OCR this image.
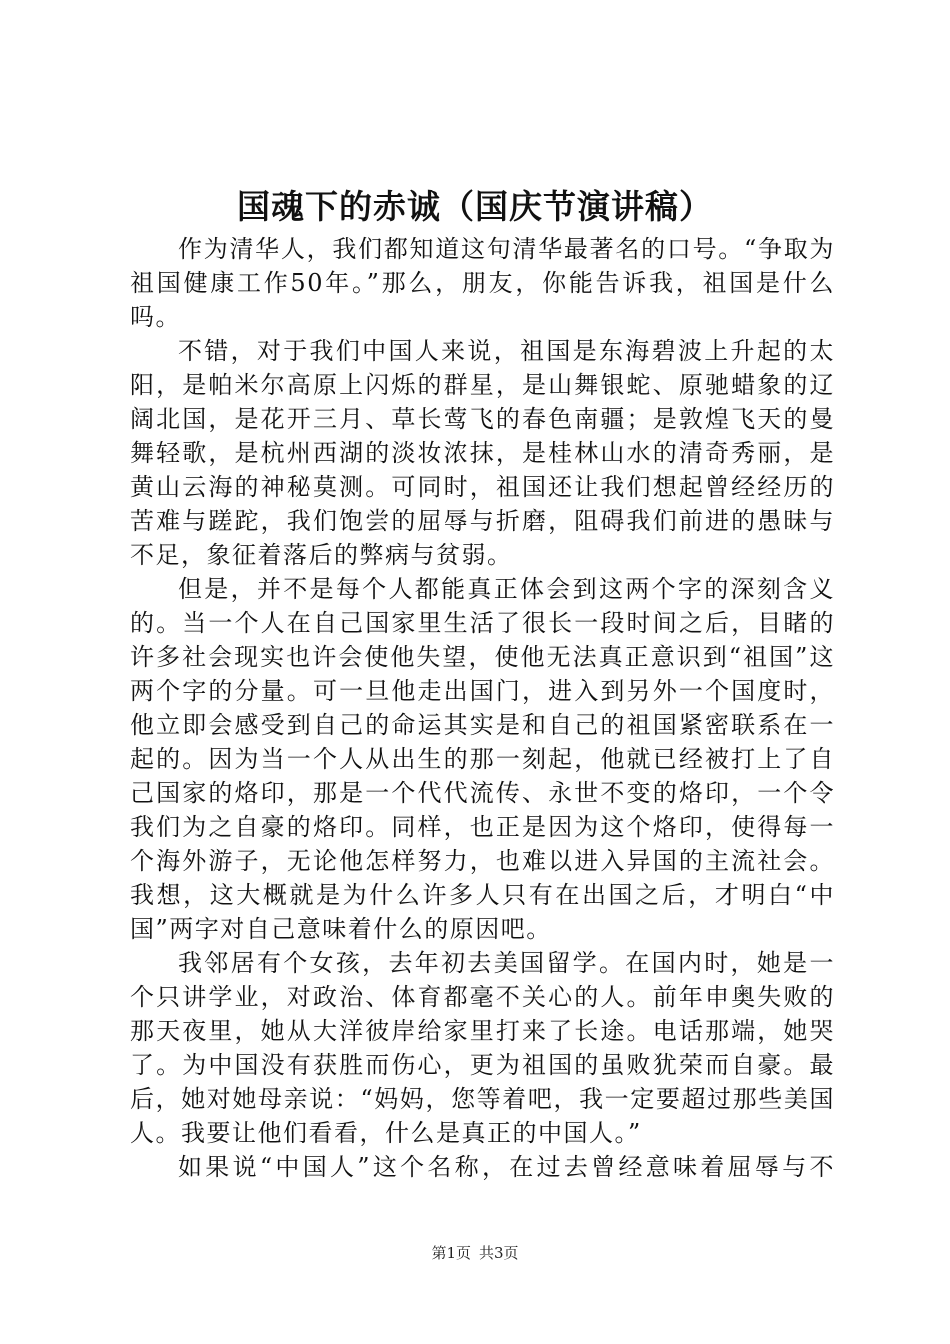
国魂下的赤诚（国庆节演讲稿）

作为清华人，我们都知道这句清华最著名的口号。“争取为祖国健康工作50年。”那么，朋友，你能告诉我，祖国是什么吗。

不错，对于我们中国人来说，祖国是东海碧波上升起的太阳，是帕米尔高原上闪烁的群星，是山舞银蛇、原驰蜡象的辽阔北国，是花开三月、草长莺飞的春色南疆；是敦煌飞天的曼舞轻歌，是杭州西湖的淡妆浓抹，是桂林山水的清奇秀丽，是黄山云海的神秘莫测。可同时，祖国还让我们想起曾经经历的苦难与蹉跎，我们饱尝的屈辱与折磨，阻碍我们前进的愚昧与不足，象征着落后的弊病与贫弱。

但是，并不是每个人都能真正体会到这两个字的深刻含义的。当一个人在自己国家里生活了很长一段时间之后，目睹的许多社会现实也许会使他失望，使他无法真正意识到“祖国”这两个字的分量。可一旦他走出国门，进入到另外一个国度时，他立即会感受到自己的命运其实是和自己的祖国紧密联系在一起的。因为当一个人从出生的那一刻起，他就已经被打上了自己国家的烙印，那是一个代代流传、永世不变的烙印，一个令我们为之自豪的烙印。同样，也正是因为这个烙印，使得每一个海外游子，无论他怎样努力，也难以进入异国的主流社会。我想，这大概就是为什么许多人只有在出国之后，才明白“中国”两字对自己意味着什么的原因吧。

我邻居有个女孩，去年初去美国留学。在国内时，她是一个只讲学业，对政治、体育都毫不关心的人。前年申奥失败的那天夜里，她从大洋彼岸给家里打来了长途。电话那端，她哭了。为中国没有获胜而伤心，更为祖国的虽败犹荣而自豪。最后，她对她母亲说：“妈妈，您等着吧，我一定要超过那些美国人。我要让他们看看，什么是真正的中国人。”

如果说“中国人”这个名称，在过去曾经意味着屈辱与不

第1页 共3页
